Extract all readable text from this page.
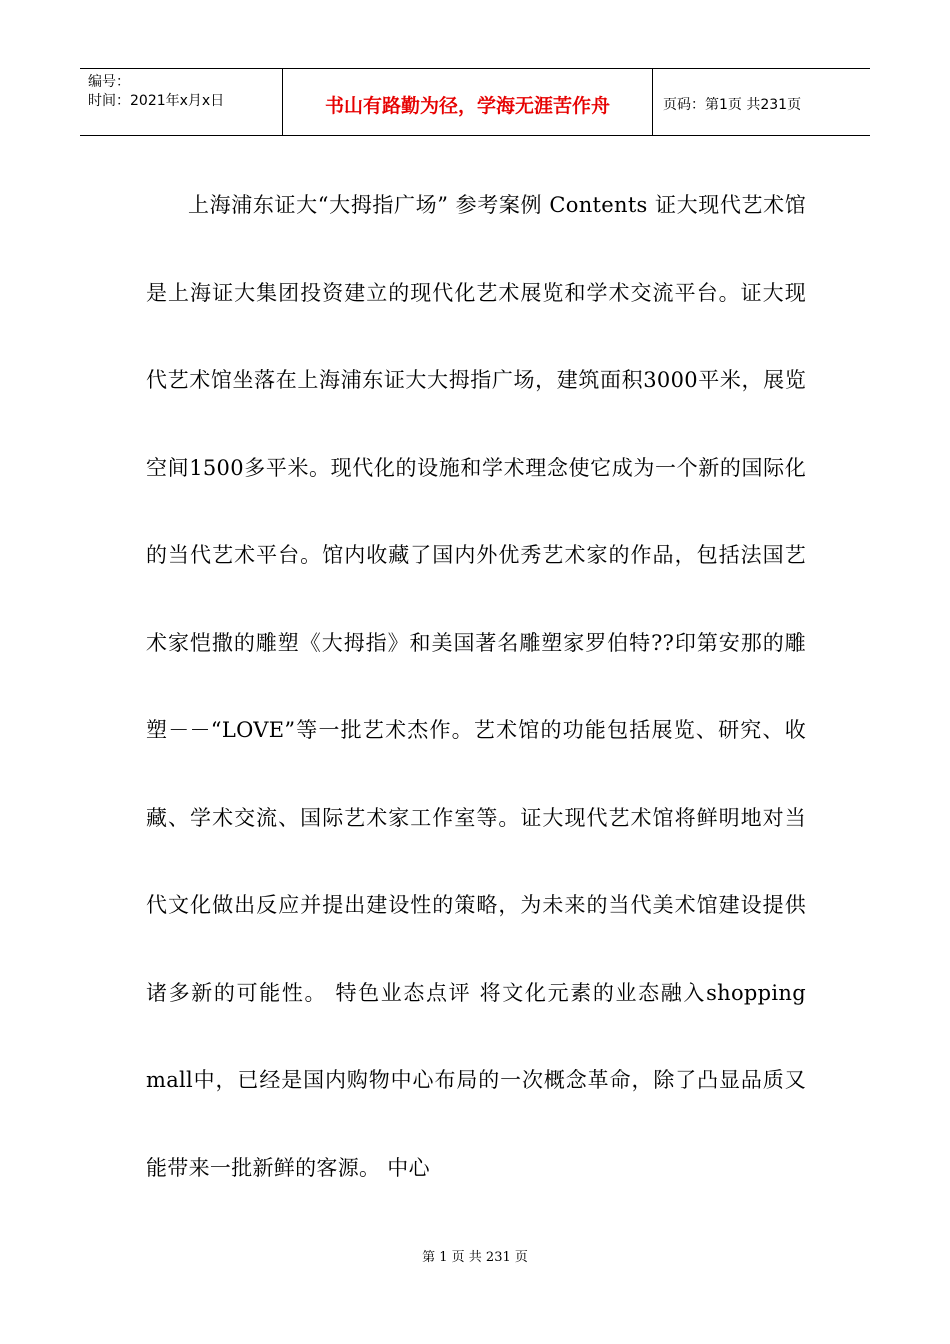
编号：
时间：2021年x月x日	书山有路勤为径，学海无涯苦作舟	页码：第1页 共231页

上海浦东证大“大拇指广场” 参考案例 Contents 证大现代艺术馆是上海证大集团投资建立的现代化艺术展览和学术交流平台。证大现代艺术馆坐落在上海浦东证大大拇指广场，建筑面积3000平米，展览空间1500多平米。现代化的设施和学术理念使它成为一个新的国际化的当代艺术平台。馆内收藏了国内外优秀艺术家的作品，包括法国艺术家恺撒的雕塑《大拇指》和美国著名雕塑家罗伯特??印第安那的雕塑－－“LOVE”等一批艺术杰作。艺术馆的功能包括展览、研究、收藏、学术交流、国际艺术家工作室等。证大现代艺术馆将鲜明地对当代文化做出反应并提出建设性的策略，为未来的当代美术馆建设提供诸多新的可能性。 特色业态点评 将文化元素的业态融入shopping mall中，已经是国内购物中心布局的一次概念革命，除了凸显品质又能带来一批新鲜的客源。 中心

第 1 页 共 231 页
